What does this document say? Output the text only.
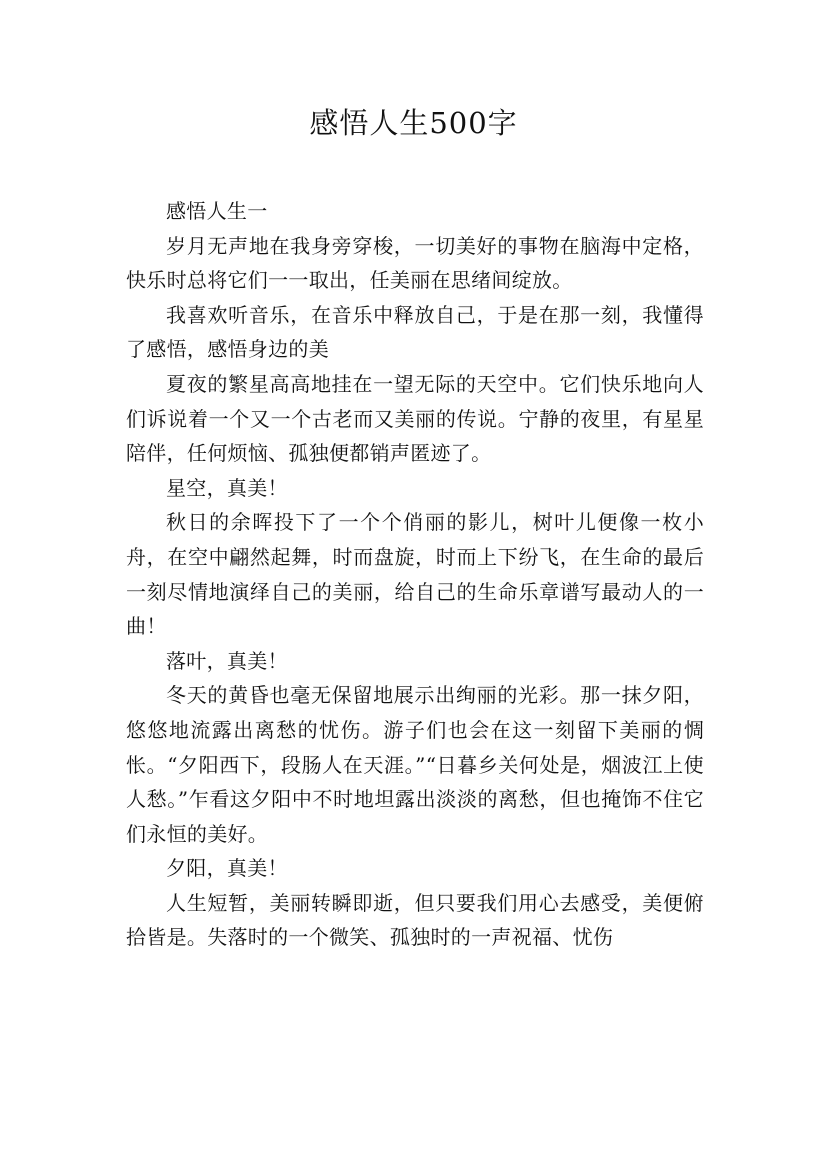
感悟人生500字

感悟人生一

岁月无声地在我身旁穿梭，一切美好的事物在脑海中定格，快乐时总将它们一一取出，任美丽在思绪间绽放。

我喜欢听音乐，在音乐中释放自己，于是在那一刻，我懂得了感悟，感悟身边的美

夏夜的繁星高高地挂在一望无际的天空中。它们快乐地向人们诉说着一个又一个古老而又美丽的传说。宁静的夜里，有星星陪伴，任何烦恼、孤独便都销声匿迹了。

星空，真美！

秋日的余晖投下了一个个俏丽的影儿，树叶儿便像一枚小舟，在空中翩然起舞，时而盘旋，时而上下纷飞，在生命的最后一刻尽情地演绎自己的美丽，给自己的生命乐章谱写最动人的一曲！

落叶，真美！

冬天的黄昏也毫无保留地展示出绚丽的光彩。那一抹夕阳，悠悠地流露出离愁的忧伤。游子们也会在这一刻留下美丽的惆怅。“夕阳西下，段肠人在天涯。”“日暮乡关何处是，烟波江上使人愁。”乍看这夕阳中不时地坦露出淡淡的离愁，但也掩饰不住它们永恒的美好。

夕阳，真美！

人生短暂，美丽转瞬即逝，但只要我们用心去感受，美便俯拾皆是。失落时的一个微笑、孤独时的一声祝福、忧伤
